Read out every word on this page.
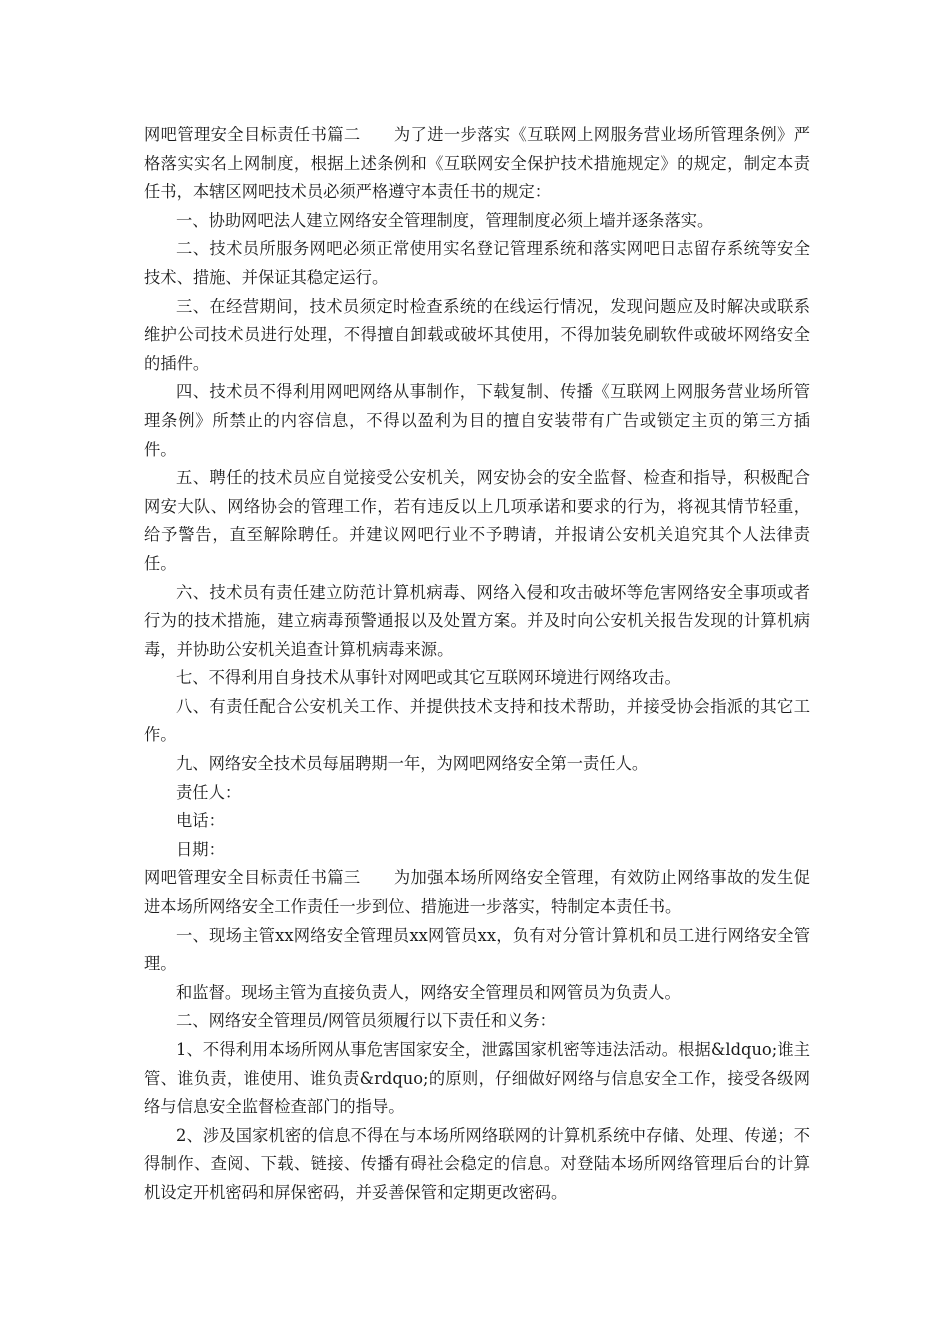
网吧管理安全目标责任书篇二　　为了进一步落实《互联网上网服务营业场所管理条例》严格落实实名上网制度，根据上述条例和《互联网安全保护技术措施规定》的规定，制定本责任书，本辖区网吧技术员必须严格遵守本责任书的规定：

一、协助网吧法人建立网络安全管理制度，管理制度必须上墙并逐条落实。

二、技术员所服务网吧必须正常使用实名登记管理系统和落实网吧日志留存系统等安全技术、措施、并保证其稳定运行。

三、在经营期间，技术员须定时检查系统的在线运行情况，发现问题应及时解决或联系维护公司技术员进行处理，不得擅自卸载或破坏其使用，不得加装免刷软件或破坏网络安全的插件。

四、技术员不得利用网吧网络从事制作，下载复制、传播《互联网上网服务营业场所管理条例》所禁止的内容信息，不得以盈利为目的擅自安装带有广告或锁定主页的第三方插件。

五、聘任的技术员应自觉接受公安机关，网安协会的安全监督、检查和指导，积极配合网安大队、网络协会的管理工作，若有违反以上几项承诺和要求的行为，将视其情节轻重，给予警告，直至解除聘任。并建议网吧行业不予聘请，并报请公安机关追究其个人法律责任。

六、技术员有责任建立防范计算机病毒、网络入侵和攻击破坏等危害网络安全事项或者行为的技术措施，建立病毒预警通报以及处置方案。并及时向公安机关报告发现的计算机病毒，并协助公安机关追查计算机病毒来源。

七、不得利用自身技术从事针对网吧或其它互联网环境进行网络攻击。

八、有责任配合公安机关工作、并提供技术支持和技术帮助，并接受协会指派的其它工作。

九、网络安全技术员每届聘期一年，为网吧网络安全第一责任人。

责任人：

电话：

日期：

网吧管理安全目标责任书篇三　　为加强本场所网络安全管理，有效防止网络事故的发生促进本场所网络安全工作责任一步到位、措施进一步落实，特制定本责任书。

一、现场主管xx网络安全管理员xx网管员xx，负有对分管计算机和员工进行网络安全管理。

和监督。现场主管为直接负责人，网络安全管理员和网管员为负责人。

二、网络安全管理员/网管员须履行以下责任和义务：

1、不得利用本场所网从事危害国家安全，泄露国家机密等违法活动。根据&ldquo;谁主管、谁负责，谁使用、谁负责&rdquo;的原则，仔细做好网络与信息安全工作，接受各级网络与信息安全监督检查部门的指导。

2、涉及国家机密的信息不得在与本场所网络联网的计算机系统中存储、处理、传递；不得制作、查阅、下载、链接、传播有碍社会稳定的信息。对登陆本场所网络管理后台的计算机设定开机密码和屏保密码，并妥善保管和定期更改密码。
